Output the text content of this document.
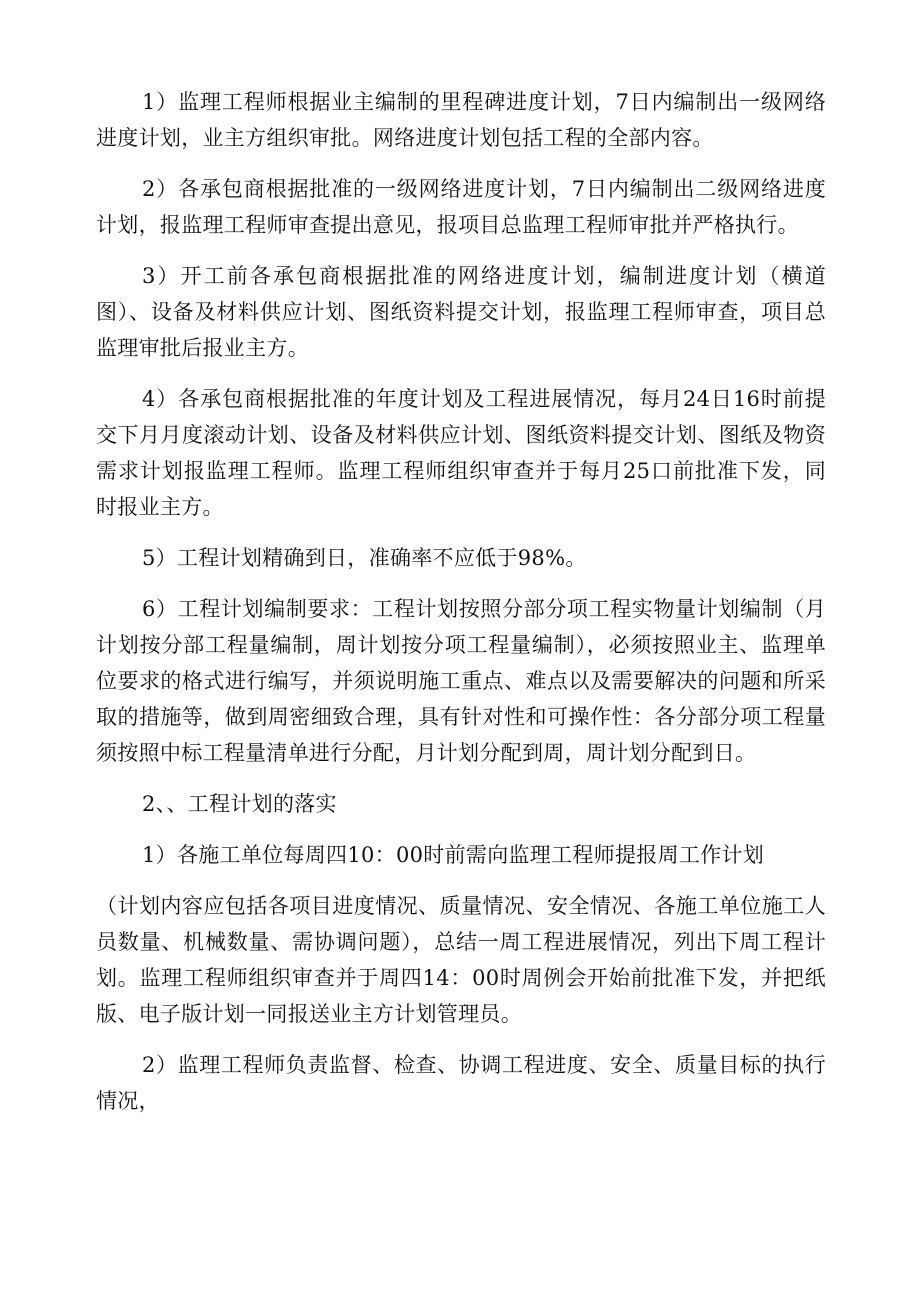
1）监理工程师根据业主编制的里程碑进度计划，7日内编制出一级网络进度计划，业主方组织审批。网络进度计划包括工程的全部内容。

2）各承包商根据批准的一级网络进度计划，7日内编制出二级网络进度计划，报监理工程师审查提出意见，报项目总监理工程师审批并严格执行。

3）开工前各承包商根据批准的网络进度计划，编制进度计划（横道图）、设备及材料供应计划、图纸资料提交计划，报监理工程师审查，项目总监理审批后报业主方。

4）各承包商根据批准的年度计划及工程进展情况，每月24日16时前提交下月月度滚动计划、设备及材料供应计划、图纸资料提交计划、图纸及物资需求计划报监理工程师。监理工程师组织审查并于每月25口前批准下发，同时报业主方。

5）工程计划精确到日，准确率不应低于98%。

6）工程计划编制要求：工程计划按照分部分项工程实物量计划编制（月计划按分部工程量编制，周计划按分项工程量编制），必须按照业主、监理单位要求的格式进行编写，并须说明施工重点、难点以及需要解决的问题和所采取的措施等，做到周密细致合理，具有针对性和可操作性：各分部分项工程量须按照中标工程量清单进行分配，月计划分配到周，周计划分配到日。

2、、工程计划的落实

1）各施工单位每周四10：00时前需向监理工程师提报周工作计划

（计划内容应包括各项目进度情况、质量情况、安全情况、各施工单位施工人员数量、机械数量、需协调问题），总结一周工程进展情况，列出下周工程计划。监理工程师组织审查并于周四14：00时周例会开始前批准下发，并把纸版、电子版计划一同报送业主方计划管理员。

2）监理工程师负责监督、检查、协调工程进度、安全、质量目标的执行情况，
